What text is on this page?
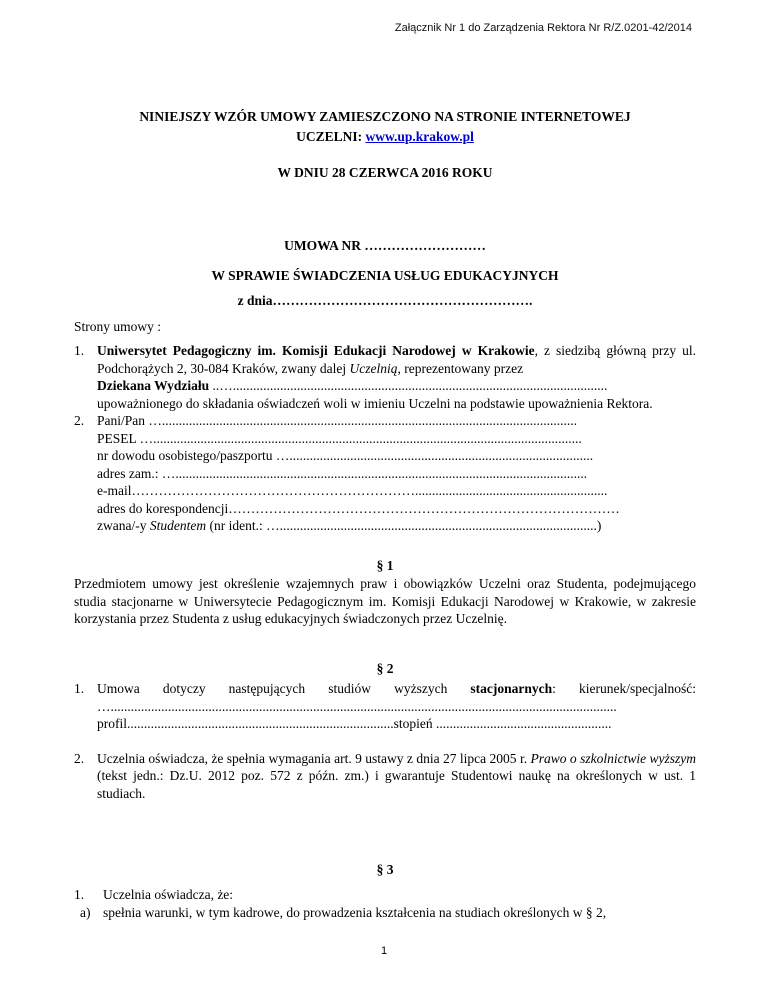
Załącznik Nr 1 do Zarządzenia Rektora Nr R/Z.0201-42/2014
NINIEJSZY WZÓR UMOWY ZAMIESZCZONO NA STRONIE INTERNETOWEJ
UCZELNI: www.up.krakow.pl
W DNIU 28 CZERWCA 2016 ROKU
UMOWA NR ………………………
W SPRAWIE ŚWIADCZENIA USŁUG EDUKACYJNYCH
z dnia………………………………………………….
Strony umowy :
1. Uniwersytet Pedagogiczny im. Komisji Edukacji Narodowej w Krakowie, z siedzibą główną przy ul. Podchorążych 2, 30-084 Kraków, zwany dalej Uczelnią, reprezentowany przez
Dziekana Wydziału ..…...............................................................................................................
upoważnionego do składania oświadczeń woli w imieniu Uczelni na podstawie upoważnienia Rektora.
2. Pani/Pan …...........................................................................................................................
PESEL …...............................................................................................................................
nr dowodu osobistego/paszportu …..........................................................................................
adres zam.: …..........................................................................................................................
e-mail……………………………………………………….........................................................
adres do korespondencji……………………………………………………………………………
zwana/-y Studentem (nr ident.: …..............................................................................................)
§ 1
Przedmiotem umowy jest określenie wzajemnych praw i obowiązków Uczelni oraz Studenta, podejmującego studia stacjonarne w Uniwersytecie Pedagogicznym im. Komisji Edukacji Narodowej w Krakowie, w zakresie korzystania przez Studenta z usług edukacyjnych świadczonych przez Uczelnię.
§ 2
1. Umowa dotyczy następujących studiów wyższych stacjonarnych: kierunek/specjalność:
…......................................................................................................................................................
profil...............................................................................stopień ....................................................
2. Uczelnia oświadcza, że spełnia wymagania art. 9 ustawy z dnia 27 lipca 2005 r. Prawo o szkolnictwie wyższym (tekst jedn.: Dz.U. 2012 poz. 572 z późn. zm.) i gwarantuje Studentowi naukę na określonych w ust. 1 studiach.
§ 3
1.	Uczelnia oświadcza, że:
a) spełnia warunki, w tym kadrowe, do prowadzenia kształcenia na studiach określonych w § 2,
1
